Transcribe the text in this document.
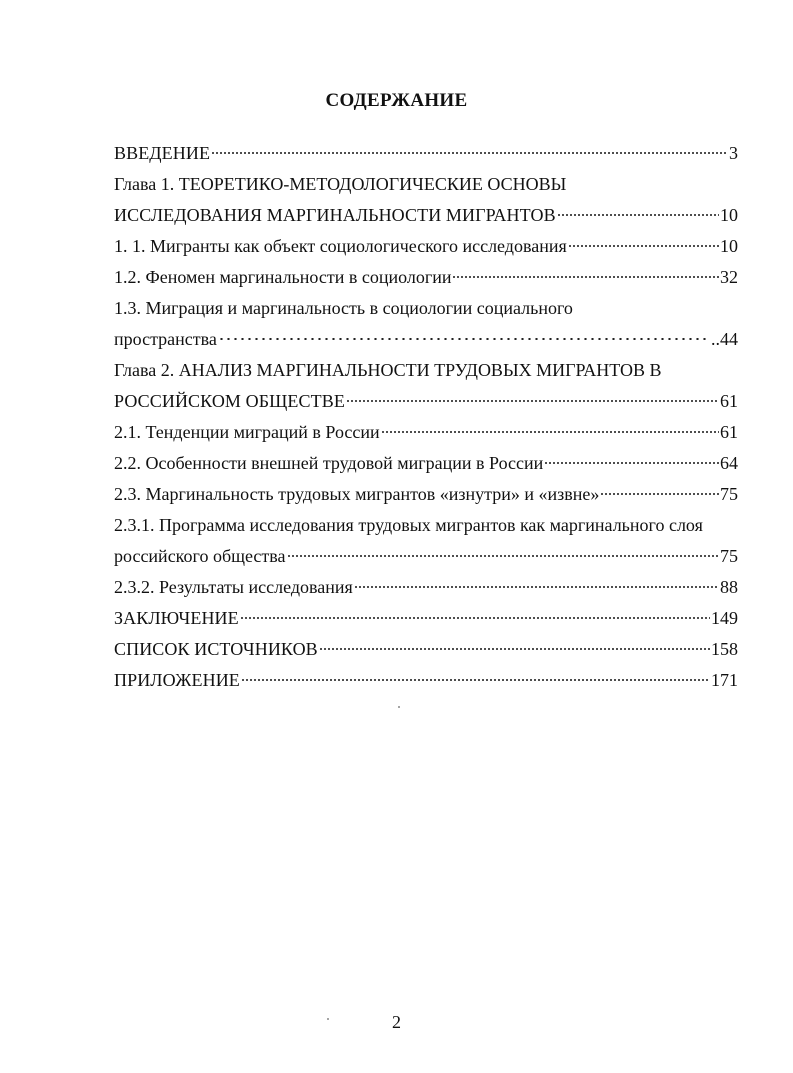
СОДЕРЖАНИЕ
ВВЕДЕНИЕ	3
Глава 1. ТЕОРЕТИКО-МЕТОДОЛОГИЧЕСКИЕ ОСНОВЫ
ИССЛЕДОВАНИЯ МАРГИНАЛЬНОСТИ МИГРАНТОВ	10
1. 1. Мигранты как объект социологического исследования	10
1.2. Феномен маргинальности в социологии	32
1.3. Миграция и маргинальность в социологии социального
пространства	..44
Глава 2. АНАЛИЗ МАРГИНАЛЬНОСТИ ТРУДОВЫХ МИГРАНТОВ В
РОССИЙСКОМ ОБЩЕСТВЕ	61
2.1. Тенденции миграций в России	61
2.2. Особенности внешней трудовой миграции в России	64
2.3. Маргинальность трудовых мигрантов «изнутри» и «извне»	75
2.3.1. Программа исследования трудовых мигрантов как маргинального слоя
российского общества	75
2.3.2. Результаты исследования	88
ЗАКЛЮЧЕНИЕ	149
СПИСОК ИСТОЧНИКОВ	158
ПРИЛОЖЕНИЕ	171
2
